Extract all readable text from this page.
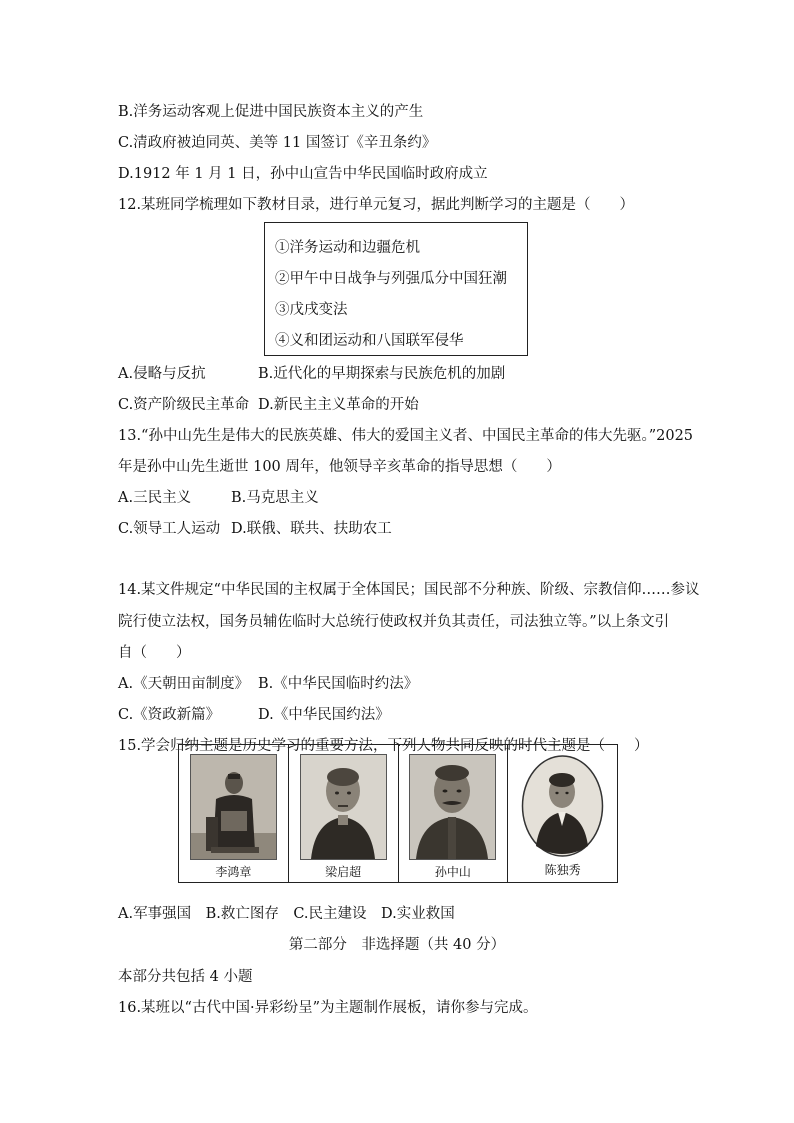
B.洋务运动客观上促进中国民族资本主义的产生
C.清政府被迫同英、美等 11 国签订《辛丑条约》
D.1912 年 1 月 1 日，孙中山宣告中华民国临时政府成立
12.某班同学梳理如下教材目录，进行单元复习，据此判断学习的主题是（　　）
①洋务运动和边疆危机
②甲午中日战争与列强瓜分中国狂潮
③戊戌变法
④义和团运动和八国联军侵华
A.侵略与反抗	B.近代化的早期探索与民族危机的加剧
C.资产阶级民主革命 D.新民主主义革命的开始
13.“孙中山先生是伟大的民族英雄、伟大的爱国主义者、中国民主革命的伟大先驱。”2025
年是孙中山先生逝世 100 周年，他领导辛亥革命的指导思想（　　）
A.三民主义	B.马克思主义
C.领导工人运动 D.联俄、联共、扶助农工
14.某文件规定“中华民国的主权属于全体国民；国民部不分种族、阶级、宗教信仰……参议
院行使立法权，国务员辅佐临时大总统行使政权并负其责任，司法独立等。”以上条文引
自（　　）
A.《天朝田亩制度》 B.《中华民国临时约法》
C.《资政新篇》	D.《中华民国约法》
15.学会归纳主题是历史学习的重要方法，下列人物共同反映的时代主题是（　　）
李鸿章	梁启超	孙中山	陈独秀
A.军事强国　B.救亡图存　C.民主建设　D.实业救国
第二部分　非选择题（共 40 分）
本部分共包括 4 小题
16.某班以“古代中国·异彩纷呈”为主题制作展板，请你参与完成。
